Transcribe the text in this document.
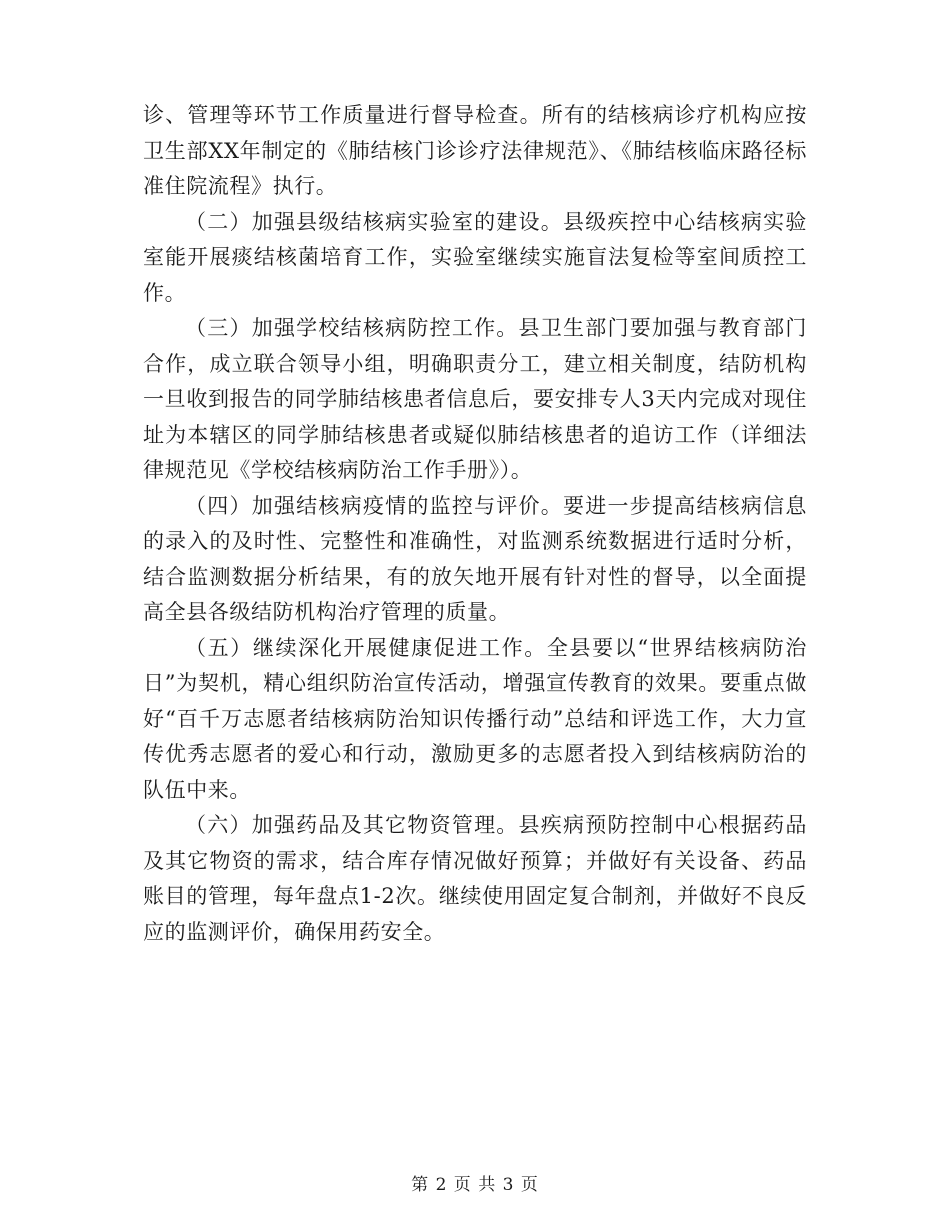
诊、管理等环节工作质量进行督导检查。所有的结核病诊疗机构应按卫生部XX年制定的《肺结核门诊诊疗法律规范》、《肺结核临床路径标准住院流程》执行。

（二）加强县级结核病实验室的建设。县级疾控中心结核病实验室能开展痰结核菌培育工作，实验室继续实施盲法复检等室间质控工作。

（三）加强学校结核病防控工作。县卫生部门要加强与教育部门合作，成立联合领导小组，明确职责分工，建立相关制度，结防机构一旦收到报告的同学肺结核患者信息后，要安排专人3天内完成对现住址为本辖区的同学肺结核患者或疑似肺结核患者的追访工作（详细法律规范见《学校结核病防治工作手册》）。

（四）加强结核病疫情的监控与评价。要进一步提高结核病信息的录入的及时性、完整性和准确性，对监测系统数据进行适时分析，结合监测数据分析结果，有的放矢地开展有针对性的督导，以全面提高全县各级结防机构治疗管理的质量。

（五）继续深化开展健康促进工作。全县要以“世界结核病防治日”为契机，精心组织防治宣传活动，增强宣传教育的效果。要重点做好“百千万志愿者结核病防治知识传播行动”总结和评选工作，大力宣传优秀志愿者的爱心和行动，激励更多的志愿者投入到结核病防治的队伍中来。

（六）加强药品及其它物资管理。县疾病预防控制中心根据药品及其它物资的需求，结合库存情况做好预算；并做好有关设备、药品账目的管理，每年盘点1-2次。继续使用固定复合制剂，并做好不良反应的监测评价，确保用药安全。

第 2 页 共 3 页
